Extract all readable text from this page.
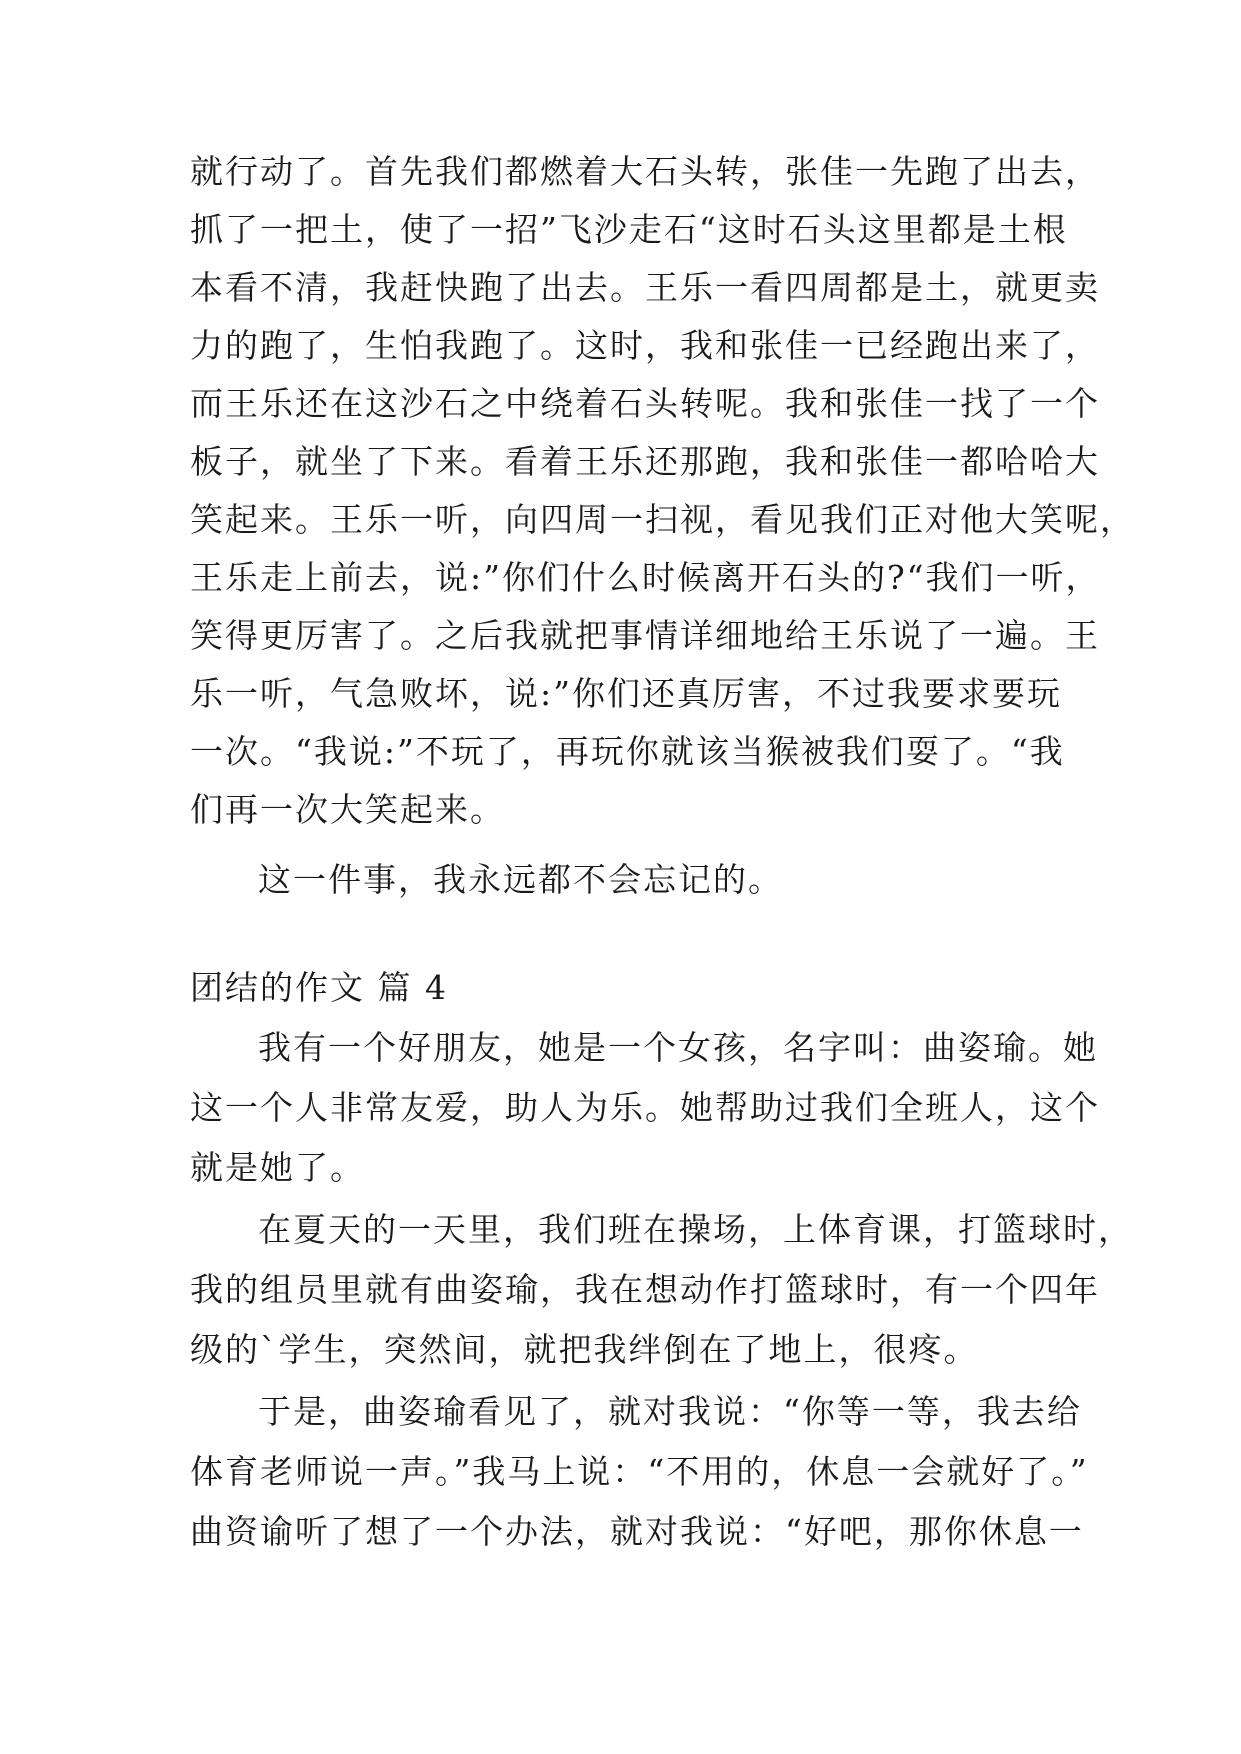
就行动了。首先我们都燃着大石头转，张佳一先跑了出去，
抓了一把土，使了一招”飞沙走石“这时石头这里都是土根
本看不清，我赶快跑了出去。王乐一看四周都是土，就更卖
力的跑了，生怕我跑了。这时，我和张佳一已经跑出来了，
而王乐还在这沙石之中绕着石头转呢。我和张佳一找了一个
板子，就坐了下来。看着王乐还那跑，我和张佳一都哈哈大
笑起来。王乐一听，向四周一扫视，看见我们正对他大笑呢，
王乐走上前去，说:”你们什么时候离开石头的?“我们一听，
笑得更厉害了。之后我就把事情详细地给王乐说了一遍。王
乐一听，气急败坏，说:”你们还真厉害，不过我要求要玩
一次。“我说:”不玩了，再玩你就该当猴被我们耍了。“我
们再一次大笑起来。
这一件事，我永远都不会忘记的。
团结的作文 篇 4
我有一个好朋友，她是一个女孩，名字叫：曲姿瑜。她
这一个人非常友爱，助人为乐。她帮助过我们全班人，这个
就是她了。
在夏天的一天里，我们班在操场，上体育课，打篮球时，
我的组员里就有曲姿瑜，我在想动作打篮球时，有一个四年
级的`学生，突然间，就把我绊倒在了地上，很疼。
于是，曲姿瑜看见了，就对我说：“你等一等，我去给
体育老师说一声。”我马上说：“不用的，休息一会就好了。”
曲资谕听了想了一个办法，就对我说：“好吧，那你休息一
